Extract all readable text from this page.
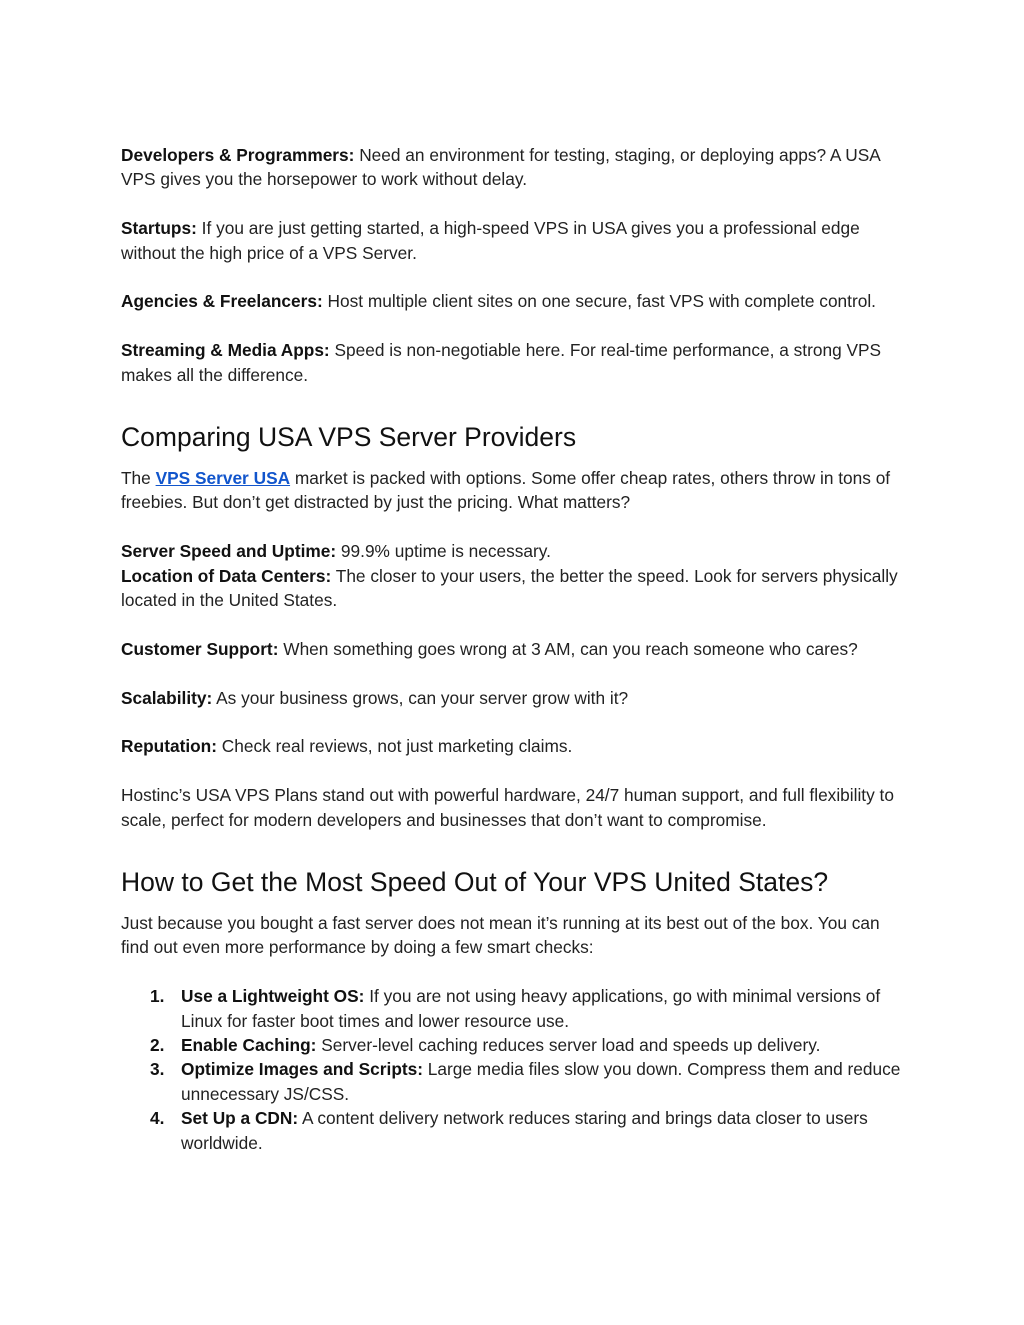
Developers & Programmers: Need an environment for testing, staging, or deploying apps? A USA VPS gives you the horsepower to work without delay.

Startups: If you are just getting started, a high-speed VPS in USA gives you a professional edge without the high price of a VPS Server.

Agencies & Freelancers: Host multiple client sites on one secure, fast VPS with complete control.

Streaming & Media Apps: Speed is non-negotiable here. For real-time performance, a strong VPS makes all the difference.

Comparing USA VPS Server Providers

The VPS Server USA market is packed with options. Some offer cheap rates, others throw in tons of freebies. But don’t get distracted by just the pricing. What matters?

Server Speed and Uptime: 99.9% uptime is necessary.

Location of Data Centers: The closer to your users, the better the speed. Look for servers physically located in the United States.

Customer Support: When something goes wrong at 3 AM, can you reach someone who cares?

Scalability: As your business grows, can your server grow with it?

Reputation: Check real reviews, not just marketing claims.

Hostinc’s USA VPS Plans stand out with powerful hardware, 24/7 human support, and full flexibility to scale, perfect for modern developers and businesses that don’t want to compromise.

How to Get the Most Speed Out of Your VPS United States?

Just because you bought a fast server does not mean it’s running at its best out of the box. You can find out even more performance by doing a few smart checks:

1. Use a Lightweight OS: If you are not using heavy applications, go with minimal versions of Linux for faster boot times and lower resource use.
2. Enable Caching: Server-level caching reduces server load and speeds up delivery.
3. Optimize Images and Scripts: Large media files slow you down. Compress them and reduce unnecessary JS/CSS.
4. Set Up a CDN: A content delivery network reduces staring and brings data closer to users worldwide.
